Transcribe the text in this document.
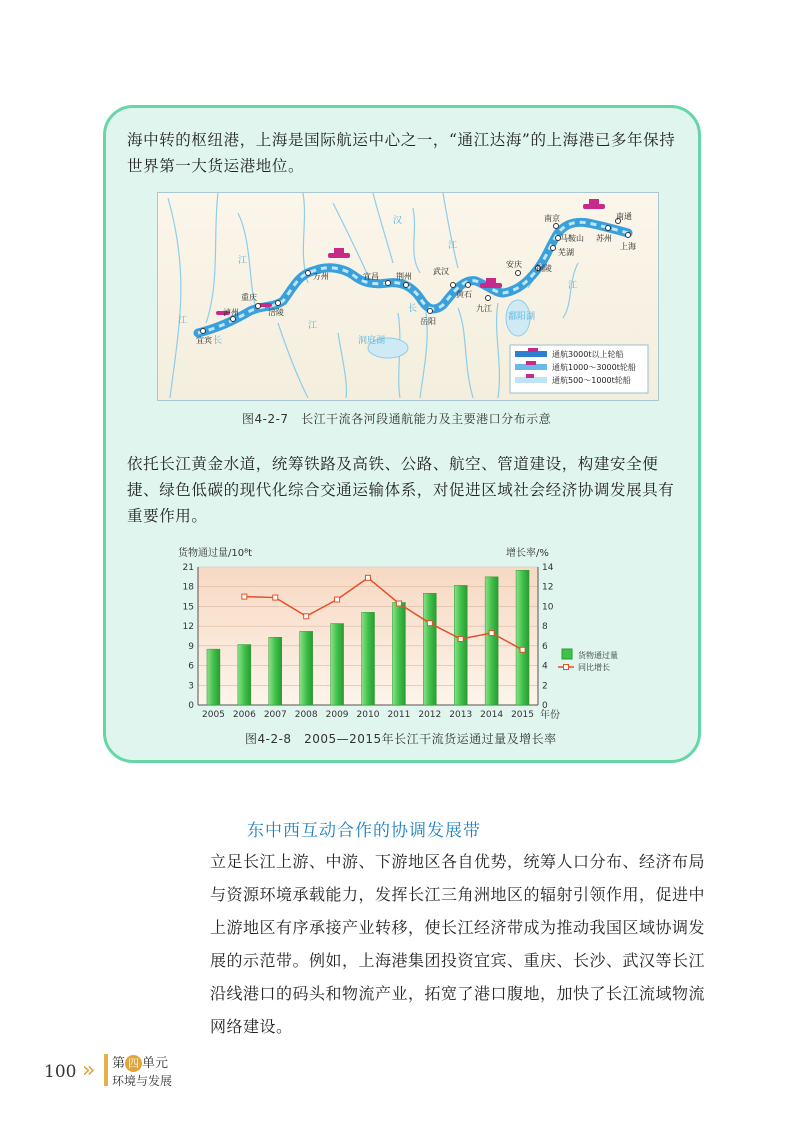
海中转的枢纽港，上海是国际航运中心之一，“通江达海”的上海港已多年保持世界第一大货运港地位。

宜宾
泸州
重庆
涪陵
万州	宜昌 荆州
岳阳
武汉
黄石
九江
安庆 铜陵
芜湖
马鞍山
南京
苏州
南通
上海
汉
江
江
江
江
江
长
长
洞庭湖
鄱阳湖
通航3000t以上轮船
通航1000～3000t轮船
通航500～1000t轮船
图4-2-7　长江干流各河段通航能力及主要港口分布示意

依托长江黄金水道，统筹铁路及高铁、公路、航空、管道建设，构建安全便捷、绿色低碳的现代化综合交通运输体系，对促进区域社会经济协调发展具有重要作用。

0
3
6
9
12
15
18
21
0
2
4
6
8
10
12
14
2005 2006 2007 2008 2009 2010 2011 2012 2013 2014 2015
货物通过量/10⁸t	增长率/%
年份
货物通过量
同比增长
图4-2-8　2005—2015年长江干流货运通过量及增长率
东中西互动合作的协调发展带

立足长江上游、中游、下游地区各自优势，统筹人口分布、经济布局与资源环境承载能力，发挥长江三角洲地区的辐射引领作用，促进中上游地区有序承接产业转移，使长江经济带成为推动我国区域协调发展的示范带。例如，上海港集团投资宜宾、重庆、长沙、武汉等长江沿线港口的码头和物流产业，拓宽了港口腹地，加快了长江流域物流网络建设。

100 » 第 四 单元
环境与发展
